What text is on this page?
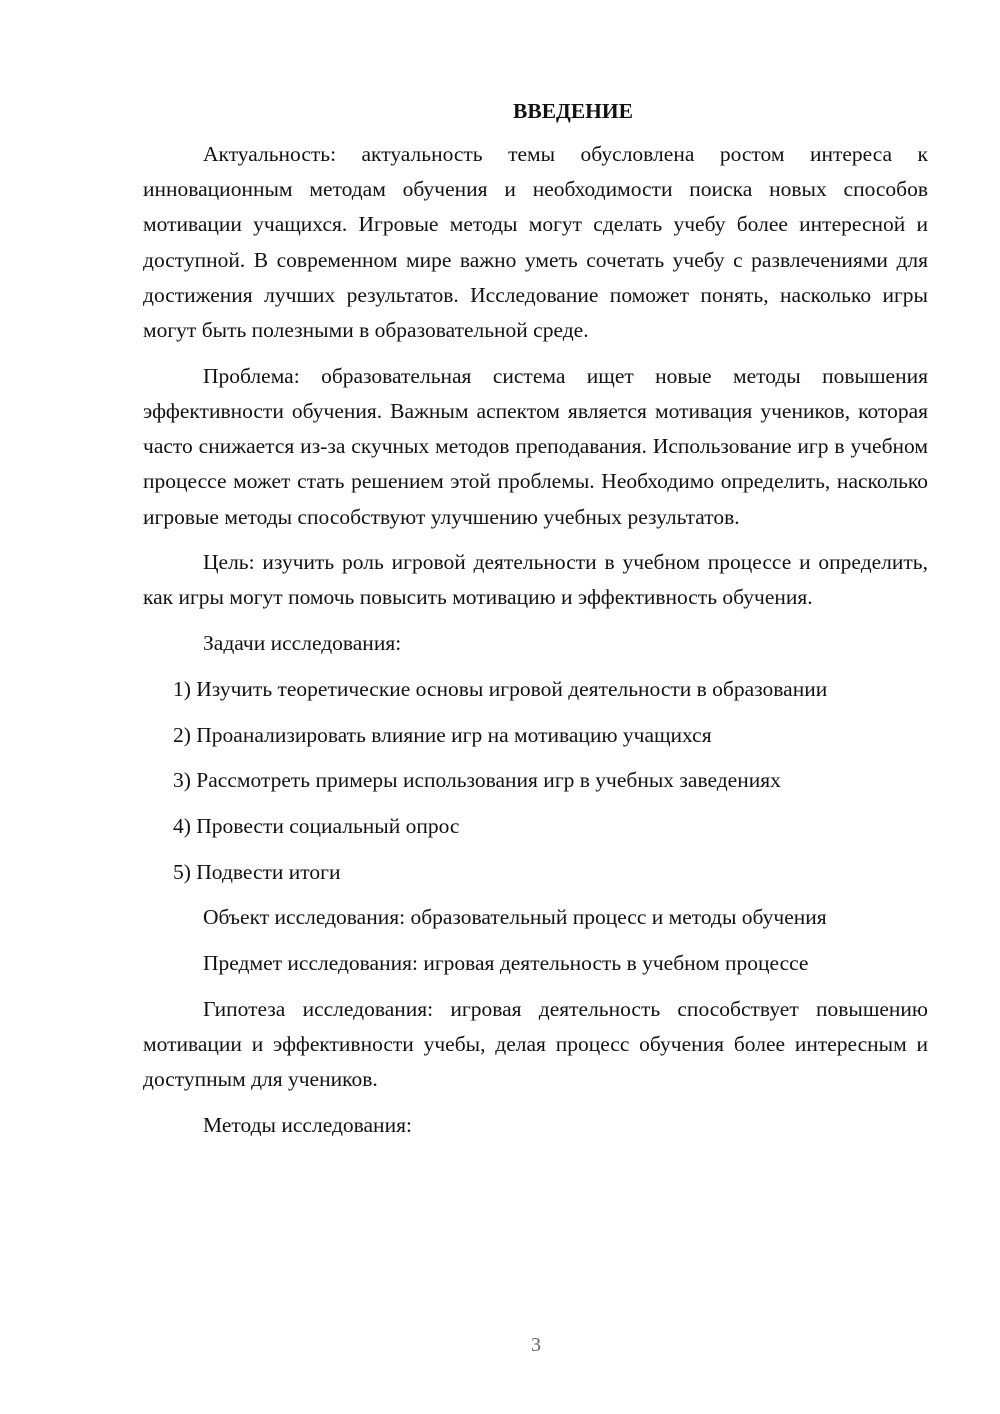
ВВЕДЕНИЕ

Актуальность: актуальность темы обусловлена ростом интереса к инновационным методам обучения и необходимости поиска новых способов мотивации учащихся. Игровые методы могут сделать учебу более интересной и доступной. В современном мире важно уметь сочетать учебу с развлечениями для достижения лучших результатов. Исследование поможет понять, насколько игры могут быть полезными в образовательной среде.

Проблема: образовательная система ищет новые методы повышения эффективности обучения. Важным аспектом является мотивация учеников, которая часто снижается из-за скучных методов преподавания. Использование игр в учебном процессе может стать решением этой проблемы. Необходимо определить, насколько игровые методы способствуют улучшению учебных результатов.

Цель: изучить роль игровой деятельности в учебном процессе и определить, как игры могут помочь повысить мотивацию и эффективность обучения.

Задачи исследования:

1) Изучить теоретические основы игровой деятельности в образовании

2) Проанализировать влияние игр на мотивацию учащихся

3) Рассмотреть примеры использования игр в учебных заведениях

4) Провести социальный опрос

5) Подвести итоги

Объект исследования: образовательный процесс и методы обучения

Предмет исследования: игровая деятельность в учебном процессе

Гипотеза исследования: игровая деятельность способствует повышению мотивации и эффективности учебы, делая процесс обучения более интересным и доступным для учеников.

Методы исследования:

3
